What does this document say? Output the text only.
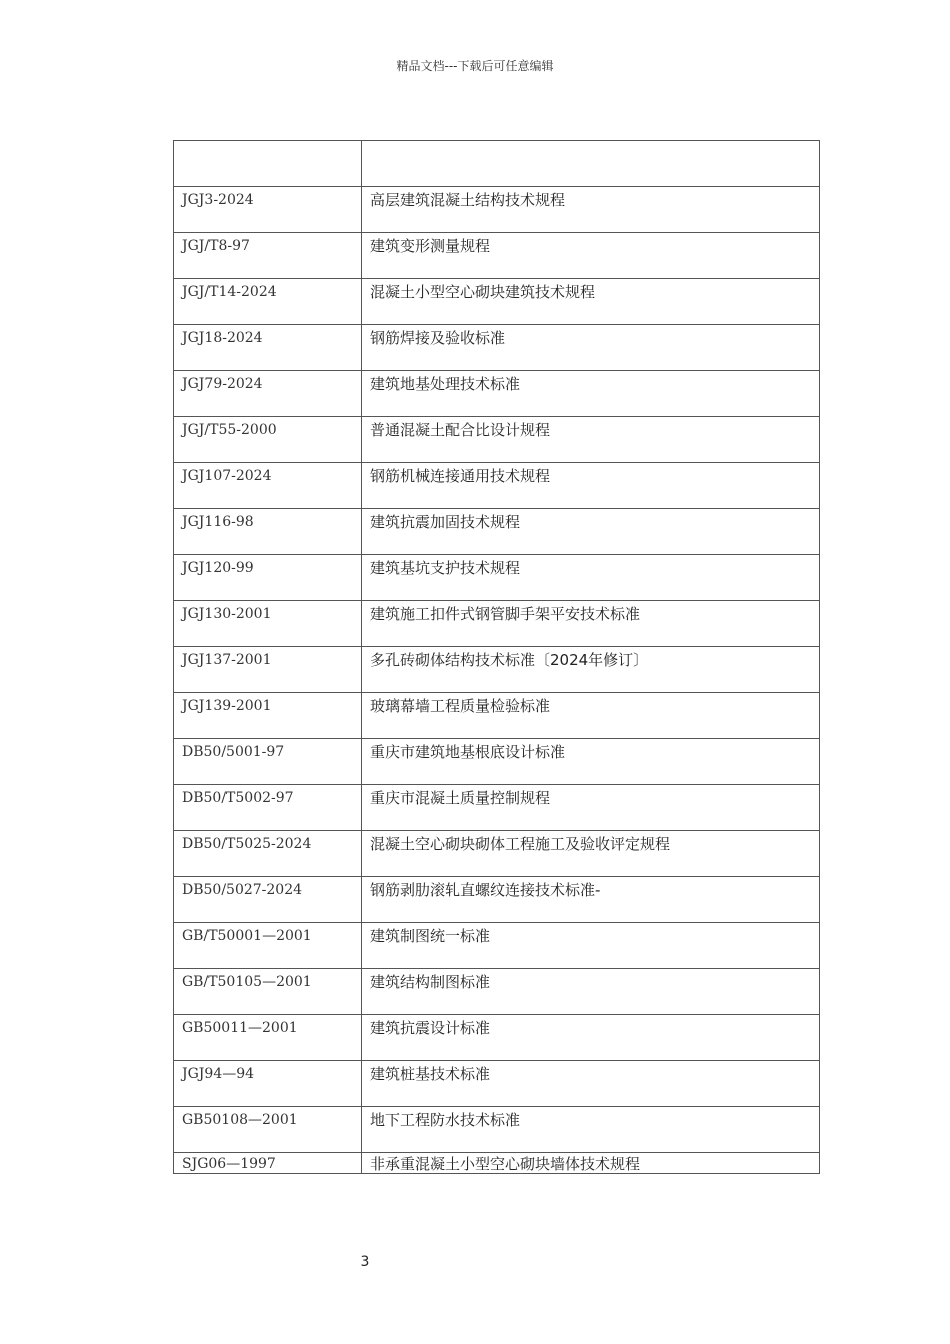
精品文档---下载后可任意编辑

JGJ3-2024	高层建筑混凝土结构技术规程
JGJ/T8-97	建筑变形测量规程
JGJ/T14-2024	混凝土小型空心砌块建筑技术规程
JGJ18-2024	钢筋焊接及验收标准
JGJ79-2024	建筑地基处理技术标准
JGJ/T55-2000	普通混凝土配合比设计规程
JGJ107-2024	钢筋机械连接通用技术规程
JGJ116-98	建筑抗震加固技术规程
JGJ120-99	建筑基坑支护技术规程
JGJ130-2001	建筑施工扣件式钢管脚手架平安技术标准
JGJ137-2001	多孔砖砌体结构技术标准〔2024年修订〕
JGJ139-2001	玻璃幕墙工程质量检验标准
DB50/5001-97	重庆市建筑地基根底设计标准
DB50/T5002-97	重庆市混凝土质量控制规程
DB50/T5025-2024	混凝土空心砌块砌体工程施工及验收评定规程
DB50/5027-2024	钢筋剥肋滚轧直螺纹连接技术标准-
GB/T50001—2001	建筑制图统一标准
GB/T50105—2001	建筑结构制图标准
GB50011—2001	建筑抗震设计标准
JGJ94—94	建筑桩基技术标准
GB50108—2001	地下工程防水技术标准
SJG06—1997	非承重混凝土小型空心砌块墙体技术规程
3
